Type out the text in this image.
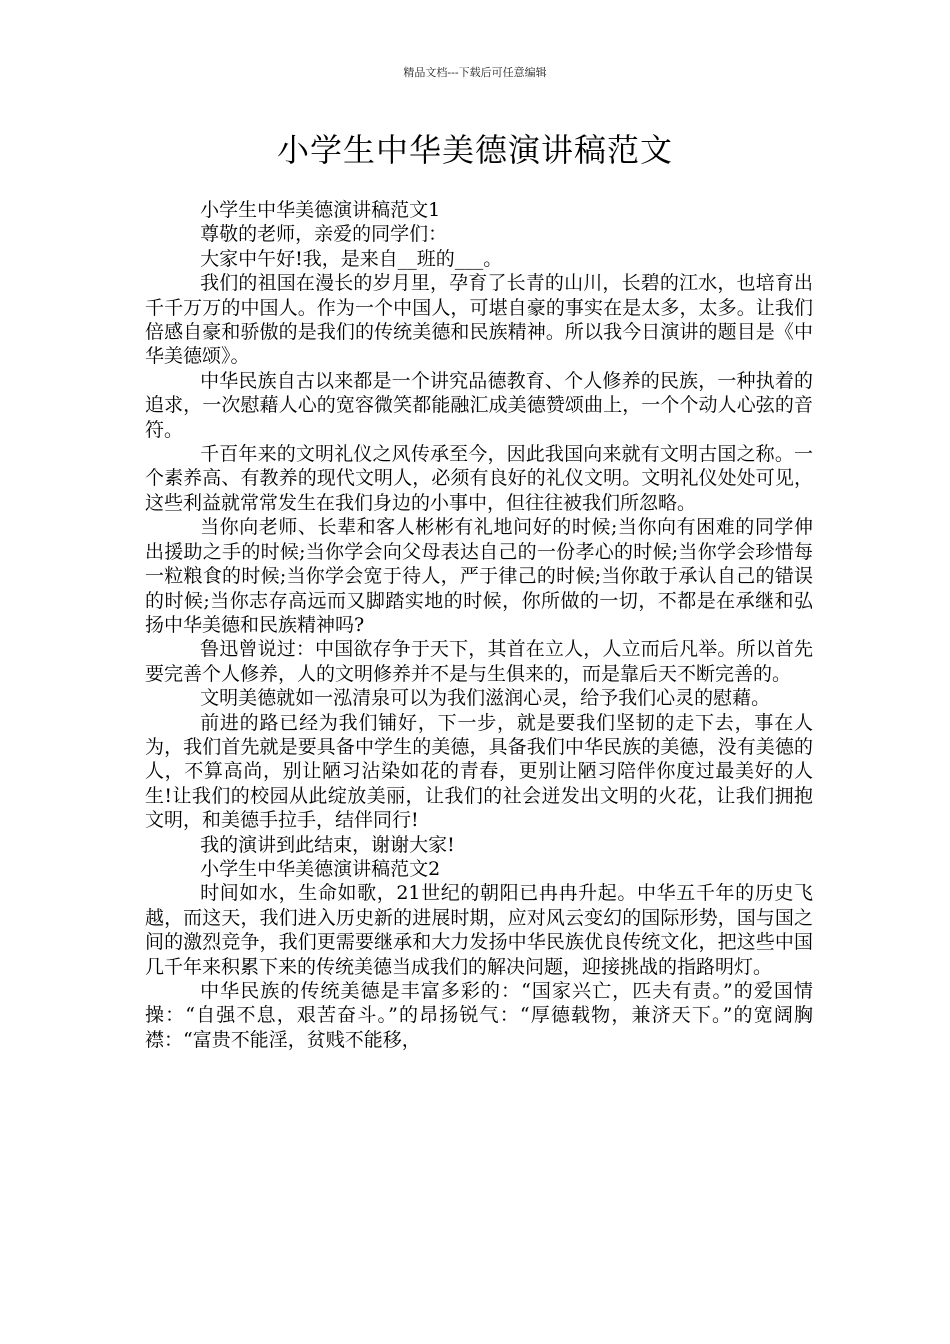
精品文档---下载后可任意编辑
小学生中华美德演讲稿范文

小学生中华美德演讲稿范文1

尊敬的老师，亲爱的同学们：

大家中午好!我，是来自__班的___。

我们的祖国在漫长的岁月里，孕育了长青的山川，长碧的江水，也培育出千千万万的中国人。作为一个中国人，可堪自豪的事实在是太多，太多。让我们倍感自豪和骄傲的是我们的传统美德和民族精神。所以我今日演讲的题目是《中华美德颂》。

中华民族自古以来都是一个讲究品德教育、个人修养的民族，一种执着的追求，一次慰藉人心的宽容微笑都能融汇成美德赞颂曲上，一个个动人心弦的音符。

千百年来的文明礼仪之风传承至今，因此我国向来就有文明古国之称。一个素养高、有教养的现代文明人，必须有良好的礼仪文明。文明礼仪处处可见，这些利益就常常发生在我们身边的小事中，但往往被我们所忽略。

当你向老师、长辈和客人彬彬有礼地问好的时候;当你向有困难的同学伸出援助之手的时候;当你学会向父母表达自己的一份孝心的时候;当你学会珍惜每一粒粮食的时候;当你学会宽于待人，严于律己的时候;当你敢于承认自己的错误的时候;当你志存高远而又脚踏实地的时候，你所做的一切，不都是在承继和弘扬中华美德和民族精神吗?

鲁迅曾说过：中国欲存争于天下，其首在立人，人立而后凡举。所以首先要完善个人修养，人的文明修养并不是与生俱来的，而是靠后天不断完善的。

文明美德就如一泓清泉可以为我们滋润心灵，给予我们心灵的慰藉。

前进的路已经为我们铺好，下一步，就是要我们坚韧的走下去，事在人为，我们首先就是要具备中学生的美德，具备我们中华民族的美德，没有美德的人，不算高尚，别让陋习沾染如花的青春，更别让陋习陪伴你度过最美好的人生!让我们的校园从此绽放美丽，让我们的社会迸发出文明的火花，让我们拥抱文明，和美德手拉手，结伴同行!

我的演讲到此结束，谢谢大家!

小学生中华美德演讲稿范文2

时间如水，生命如歌，21世纪的朝阳已冉冉升起。中华五千年的历史飞越，而这天，我们进入历史新的进展时期，应对风云变幻的国际形势，国与国之间的激烈竞争，我们更需要继承和大力发扬中华民族优良传统文化，把这些中国几千年来积累下来的传统美德当成我们的解决问题，迎接挑战的指路明灯。

中华民族的传统美德是丰富多彩的：“国家兴亡，匹夫有责。”的爱国情操：“自强不息，艰苦奋斗。”的昂扬锐气：“厚德载物，兼济天下。”的宽阔胸襟：“富贵不能淫，贫贱不能移，
